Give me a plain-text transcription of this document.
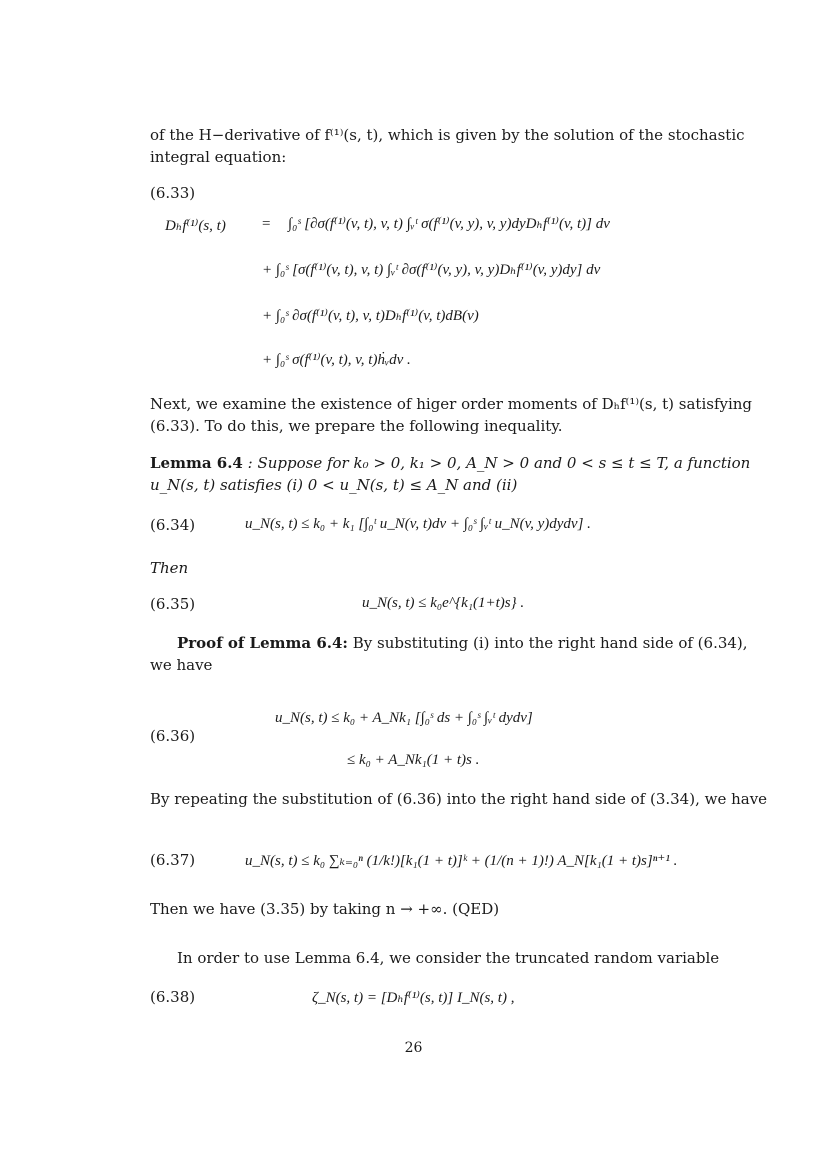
of the H−derivative of f⁽¹⁾(s, t), which is given by the solution of the stochastic
integral equation:
(6.33)
Dₕf⁽¹⁾(s, t) = ∫₀ˢ [∂σ(f⁽¹⁾(v, t), v, t) ∫ᵥᵗ σ(f⁽¹⁾(v, y), v, y)dyDₕf⁽¹⁾(v, t)] dv
+ ∫₀ˢ [σ(f⁽¹⁾(v, t), v, t) ∫ᵥᵗ ∂σ(f⁽¹⁾(v, y), v, y)Dₕf⁽¹⁾(v, y)dy] dv
+ ∫₀ˢ ∂σ(f⁽¹⁾(v, t), v, t)Dₕf⁽¹⁾(v, t)dB(v)
+ ∫₀ˢ σ(f⁽¹⁾(v, t), v, t)ḣᵥdv .
Next, we examine the existence of higer order moments of Dₕf⁽¹⁾(s, t) satisfying
(6.33). To do this, we prepare the following inequality.
Lemma 6.4 : Suppose for k₀ > 0, k₁ > 0, A_N > 0 and 0 < s ≤ t ≤ T, a function
u_N(s, t) satisfies (i) 0 < u_N(s, t) ≤ A_N and (ii)
(6.34)	u_N(s, t) ≤ k₀ + k₁ [∫₀ᵗ u_N(v, t)dv + ∫₀ˢ ∫ᵥᵗ u_N(v, y)dydv] .
Then
(6.35)	u_N(s, t) ≤ k₀e^{k₁(1+t)s} .
Proof of Lemma 6.4: By substituting (i) into the right hand side of (6.34),
we have
(6.36)
u_N(s, t) ≤ k₀ + A_Nk₁ [∫₀ˢ ds + ∫₀ˢ ∫ᵥᵗ dydv]
≤ k₀ + A_Nk₁(1 + t)s .
By repeating the substitution of (6.36) into the right hand side of (3.34), we have
(6.37)	u_N(s, t) ≤ k₀ ∑ₖ₌₀ⁿ (1/k!)[k₁(1 + t)]ᵏ + (1/(n + 1)!) A_N[k₁(1 + t)s]ⁿ⁺¹ .
Then we have (3.35) by taking n → +∞. (QED)
In order to use Lemma 6.4, we consider the truncated random variable
(6.38)	ζ_N(s, t) = [Dₕf⁽¹⁾(s, t)] I_N(s, t) ,
26
